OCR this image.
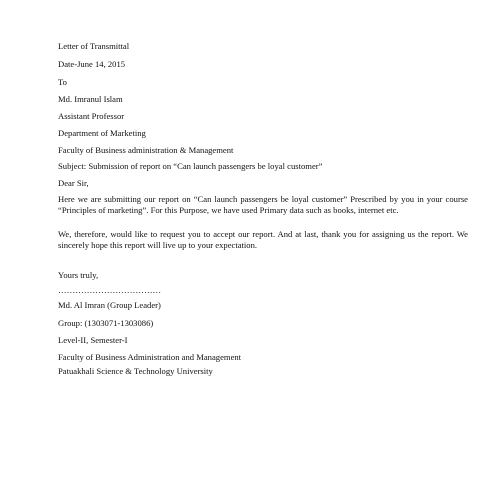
Letter of Transmittal
Date-June 14, 2015
To
Md. Imranul Islam
Assistant Professor
Department of Marketing
Faculty of Business administration & Management
Subject: Submission of report on “Can launch passengers be loyal customer”
Dear Sir,
Here we are submitting our report on “Can launch passengers be loyal customer” Prescribed by you in your course “Principles of marketing”. For this Purpose, we have used Primary data such as books, internet etc.
We, therefore, would like to request you to accept our report. And at last, thank you for assigning us the report. We sincerely hope this report will live up to your expectation.
Yours truly,
………………………………
Md. Al Imran (Group Leader)
Group: (1303071-1303086)
Level-II, Semester-I
Faculty of Business Administration and Management
Patuakhali Science & Technology University
